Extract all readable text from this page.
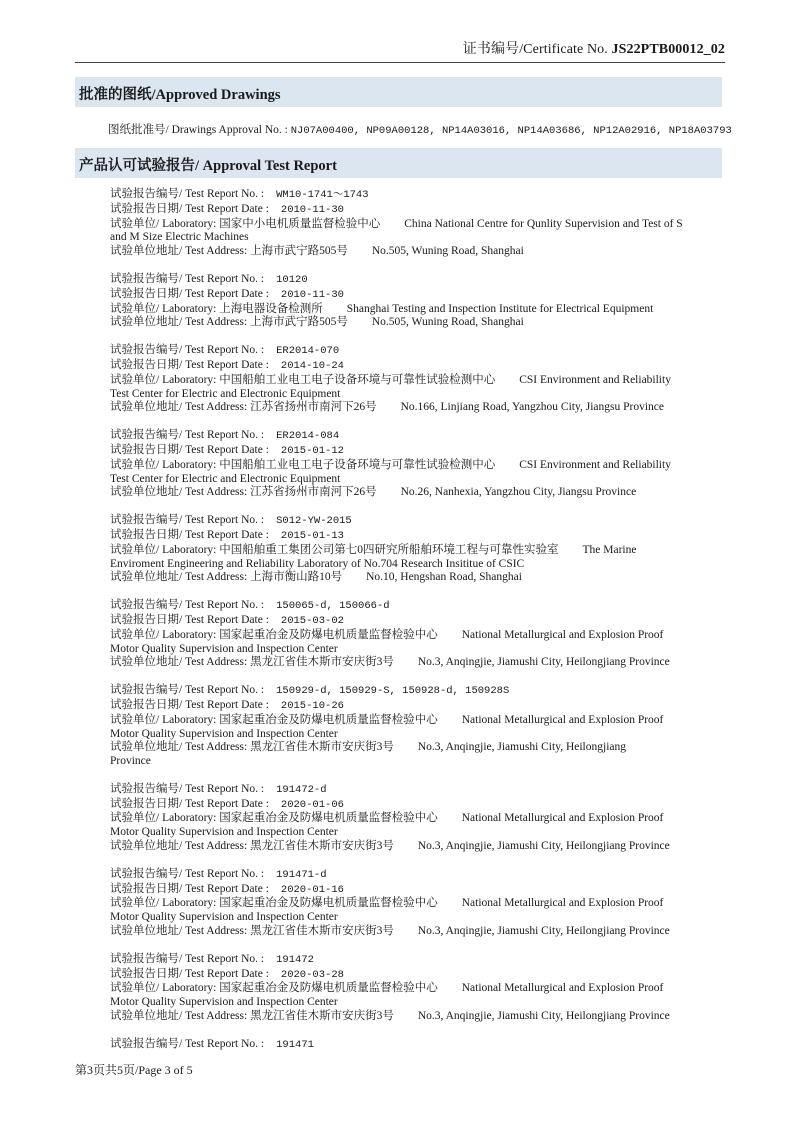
证书编号/Certificate No. JS22PTB00012_02
批准的图纸/Approved Drawings
图纸批准号/ Drawings Approval No. : NJ07A00400, NP09A00128, NP14A03016, NP14A03686, NP12A02916, NP18A03793
产品认可试验报告/ Approval Test Report
试验报告编号/ Test Report No. : WM10-1741～1743
试验报告日期/ Test Report Date : 2010-11-30
试验单位/ Laboratory: 国家中小电机质量监督检验中心 China National Centre for Qunlity Supervision and Test of S
and M Size Electric Machines
试验单位地址/ Test Address: 上海市武宁路505号 No.505, Wuning Road, Shanghai
试验报告编号/ Test Report No. : 10120
试验报告日期/ Test Report Date : 2010-11-30
试验单位/ Laboratory: 上海电器设备检测所 Shanghai Testing and Inspection Institute for Electrical Equipment
试验单位地址/ Test Address: 上海市武宁路505号 No.505, Wuning Road, Shanghai
试验报告编号/ Test Report No. : ER2014-070
试验报告日期/ Test Report Date : 2014-10-24
试验单位/ Laboratory: 中国船舶工业电工电子设备环境与可靠性试验检测中心 CSI Environment and Reliability
Test Center for Electric and Electronic Equipment
试验单位地址/ Test Address: 江苏省扬州市南河下26号 No.166, Linjiang Road, Yangzhou City, Jiangsu Province
试验报告编号/ Test Report No. : ER2014-084
试验报告日期/ Test Report Date : 2015-01-12
试验单位/ Laboratory: 中国船舶工业电工电子设备环境与可靠性试验检测中心 CSI Environment and Reliability
Test Center for Electric and Electronic Equipment
试验单位地址/ Test Address: 江苏省扬州市南河下26号 No.26, Nanhexia, Yangzhou City, Jiangsu Province
试验报告编号/ Test Report No. : S012-YW-2015
试验报告日期/ Test Report Date : 2015-01-13
试验单位/ Laboratory: 中国船舶重工集团公司第七0四研究所船舶环境工程与可靠性实验室 The Marine
Enviroment Engineering and Reliability Laboratory of No.704 Research Insititue of CSIC
试验单位地址/ Test Address: 上海市衡山路10号 No.10, Hengshan Road, Shanghai
试验报告编号/ Test Report No. : 150065-d, 150066-d
试验报告日期/ Test Report Date : 2015-03-02
试验单位/ Laboratory: 国家起重冶金及防爆电机质量监督检验中心 National Metallurgical and Explosion Proof
Motor Quality Supervision and Inspection Center
试验单位地址/ Test Address: 黑龙江省佳木斯市安庆街3号 No.3, Anqingjie, Jiamushi City, Heilongjiang Province
试验报告编号/ Test Report No. : 150929-d, 150929-S, 150928-d, 150928S
试验报告日期/ Test Report Date : 2015-10-26
试验单位/ Laboratory: 国家起重冶金及防爆电机质量监督检验中心 National Metallurgical and Explosion Proof
Motor Quality Supervision and Inspection Center
试验单位地址/ Test Address: 黑龙江省佳木斯市安庆街3号 No.3, Anqingjie, Jiamushi City, Heilongjiang
Province
试验报告编号/ Test Report No. : 191472-d
试验报告日期/ Test Report Date : 2020-01-06
试验单位/ Laboratory: 国家起重冶金及防爆电机质量监督检验中心 National Metallurgical and Explosion Proof
Motor Quality Supervision and Inspection Center
试验单位地址/ Test Address: 黑龙江省佳木斯市安庆街3号 No.3, Anqingjie, Jiamushi City, Heilongjiang Province
试验报告编号/ Test Report No. : 191471-d
试验报告日期/ Test Report Date : 2020-01-16
试验单位/ Laboratory: 国家起重冶金及防爆电机质量监督检验中心 National Metallurgical and Explosion Proof
Motor Quality Supervision and Inspection Center
试验单位地址/ Test Address: 黑龙江省佳木斯市安庆街3号 No.3, Anqingjie, Jiamushi City, Heilongjiang Province
试验报告编号/ Test Report No. : 191472
试验报告日期/ Test Report Date : 2020-03-28
试验单位/ Laboratory: 国家起重冶金及防爆电机质量监督检验中心 National Metallurgical and Explosion Proof
Motor Quality Supervision and Inspection Center
试验单位地址/ Test Address: 黑龙江省佳木斯市安庆街3号 No.3, Anqingjie, Jiamushi City, Heilongjiang Province
试验报告编号/ Test Report No. : 191471
第3页共5页/Page 3 of 5
